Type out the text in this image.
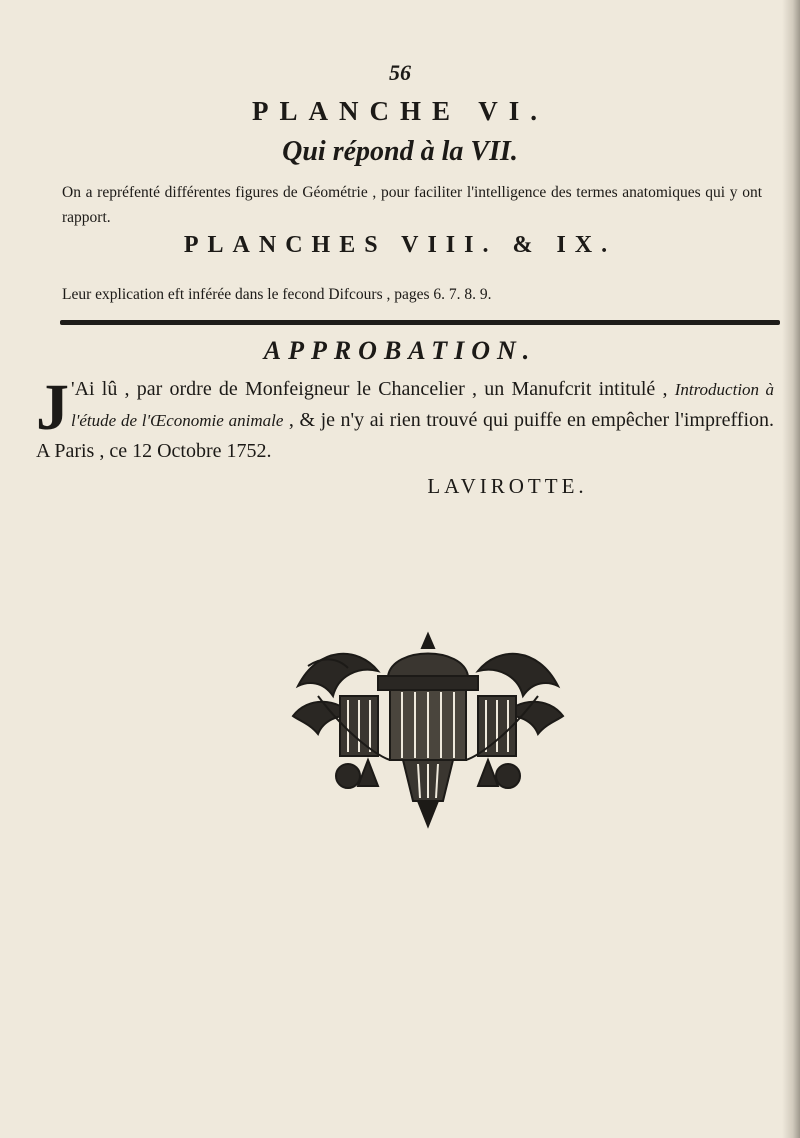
56
PLANCHE VI.
Qui répond à la VII.
On a repréfenté différentes figures de Géométrie , pour faciliter l'intelligence des termes anatomiques qui y ont rapport.
PLANCHES VIII. & IX.
Leur explication eft inférée dans le fecond Difcours , pages 6. 7. 8. 9.
APPROBATION.
J 'Ai lû , par ordre de Monfeigneur le Chancelier , un Manufcrit intitulé , Introduction à l'étude de l'Œconomie animale , & je n'y ai rien trouvé qui puiffe en empêcher l'impreffion. A Paris , ce 12 Octobre 1752.
LAVIROTTE.
